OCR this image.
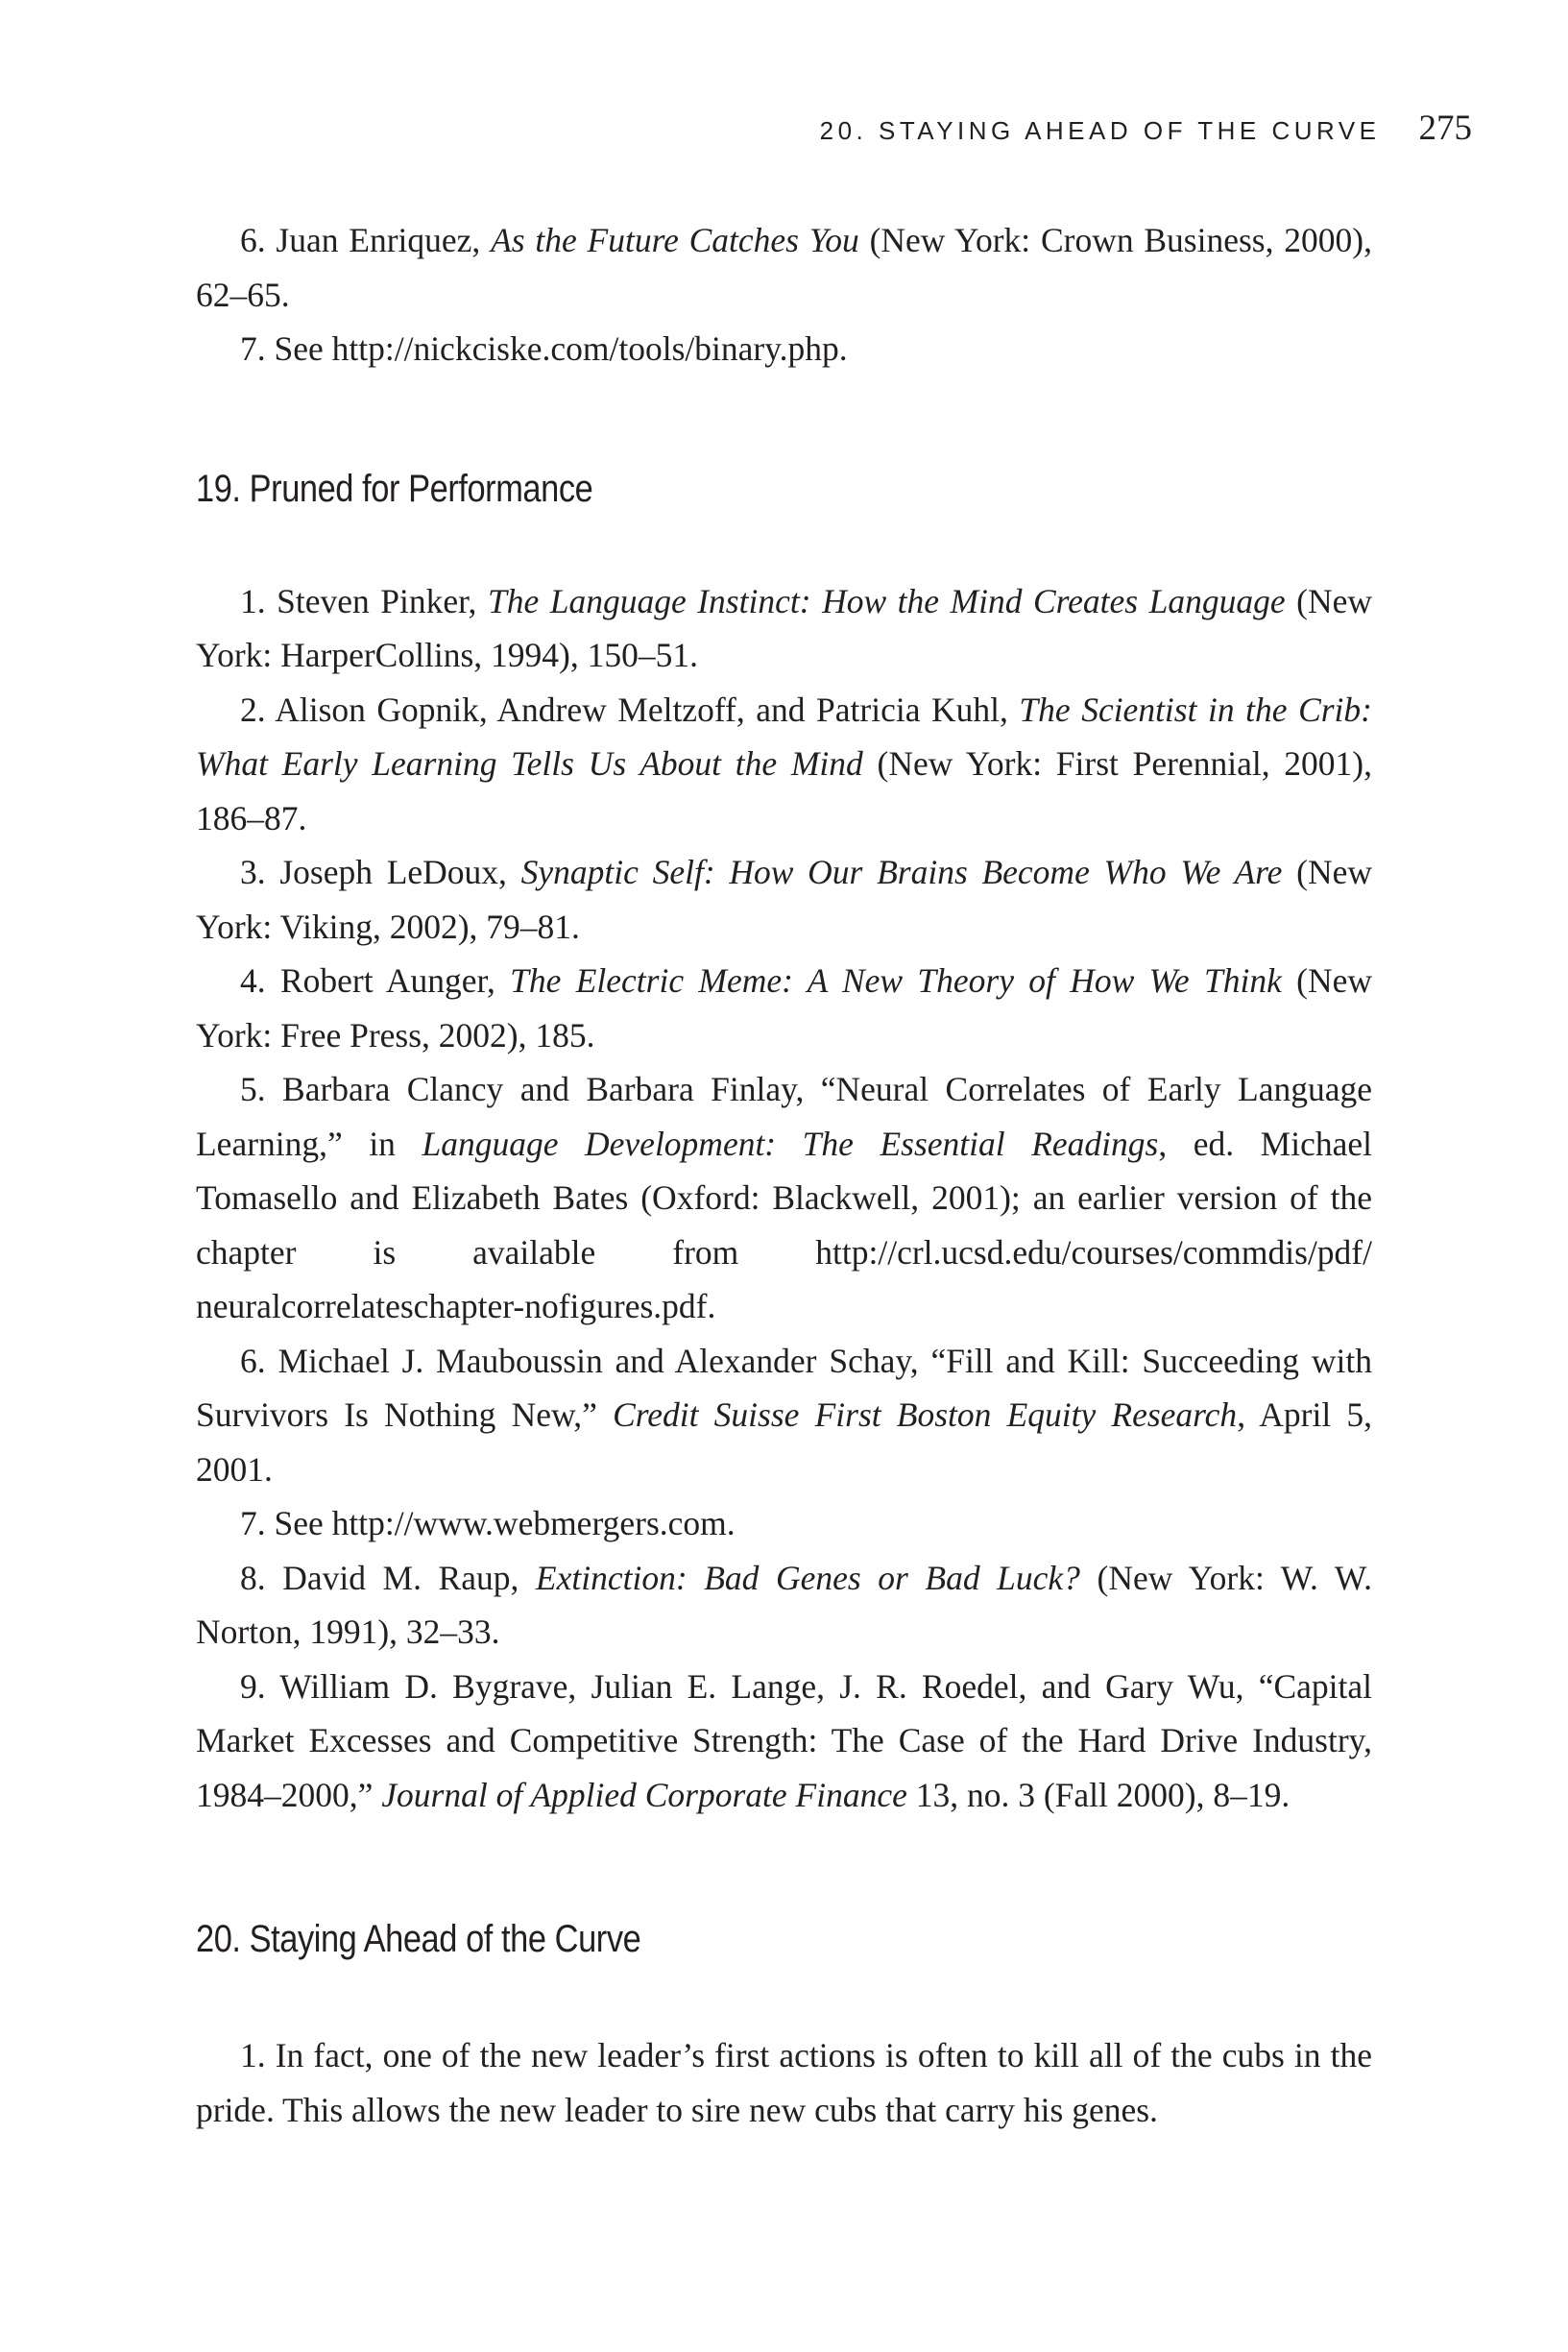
20. STAYING AHEAD OF THE CURVE 275

6. Juan Enriquez, As the Future Catches You (New York: Crown Business, 2000), 62–65.

7. See http://nickciske.com/tools/binary.php.

19. Pruned for Performance

1. Steven Pinker, The Language Instinct: How the Mind Creates Language (New York: HarperCollins, 1994), 150–51.

2. Alison Gopnik, Andrew Meltzoff, and Patricia Kuhl, The Scientist in the Crib: What Early Learning Tells Us About the Mind (New York: First Perennial, 2001), 186–87.

3. Joseph LeDoux, Synaptic Self: How Our Brains Become Who We Are (New York: Viking, 2002), 79–81.

4. Robert Aunger, The Electric Meme: A New Theory of How We Think (New York: Free Press, 2002), 185.

5. Barbara Clancy and Barbara Finlay, “Neural Correlates of Early Language Learning,” in Language Development: The Essential Readings, ed. Michael Tomasello and Elizabeth Bates (Oxford: Blackwell, 2001); an earlier version of the chapter is available from http://crl.ucsd.edu/courses/commdis/pdf/ neuralcorrelateschapter-nofigures.pdf.

6. Michael J. Mauboussin and Alexander Schay, “Fill and Kill: Succeeding with Survivors Is Nothing New,” Credit Suisse First Boston Equity Research, April 5, 2001.

7. See http://www.webmergers.com.

8. David M. Raup, Extinction: Bad Genes or Bad Luck? (New York: W. W. Norton, 1991), 32–33.

9. William D. Bygrave, Julian E. Lange, J. R. Roedel, and Gary Wu, “Capital Market Excesses and Competitive Strength: The Case of the Hard Drive Industry, 1984–2000,” Journal of Applied Corporate Finance 13, no. 3 (Fall 2000), 8–19.

20. Staying Ahead of the Curve

1. In fact, one of the new leader’s first actions is often to kill all of the cubs in the pride. This allows the new leader to sire new cubs that carry his genes.
